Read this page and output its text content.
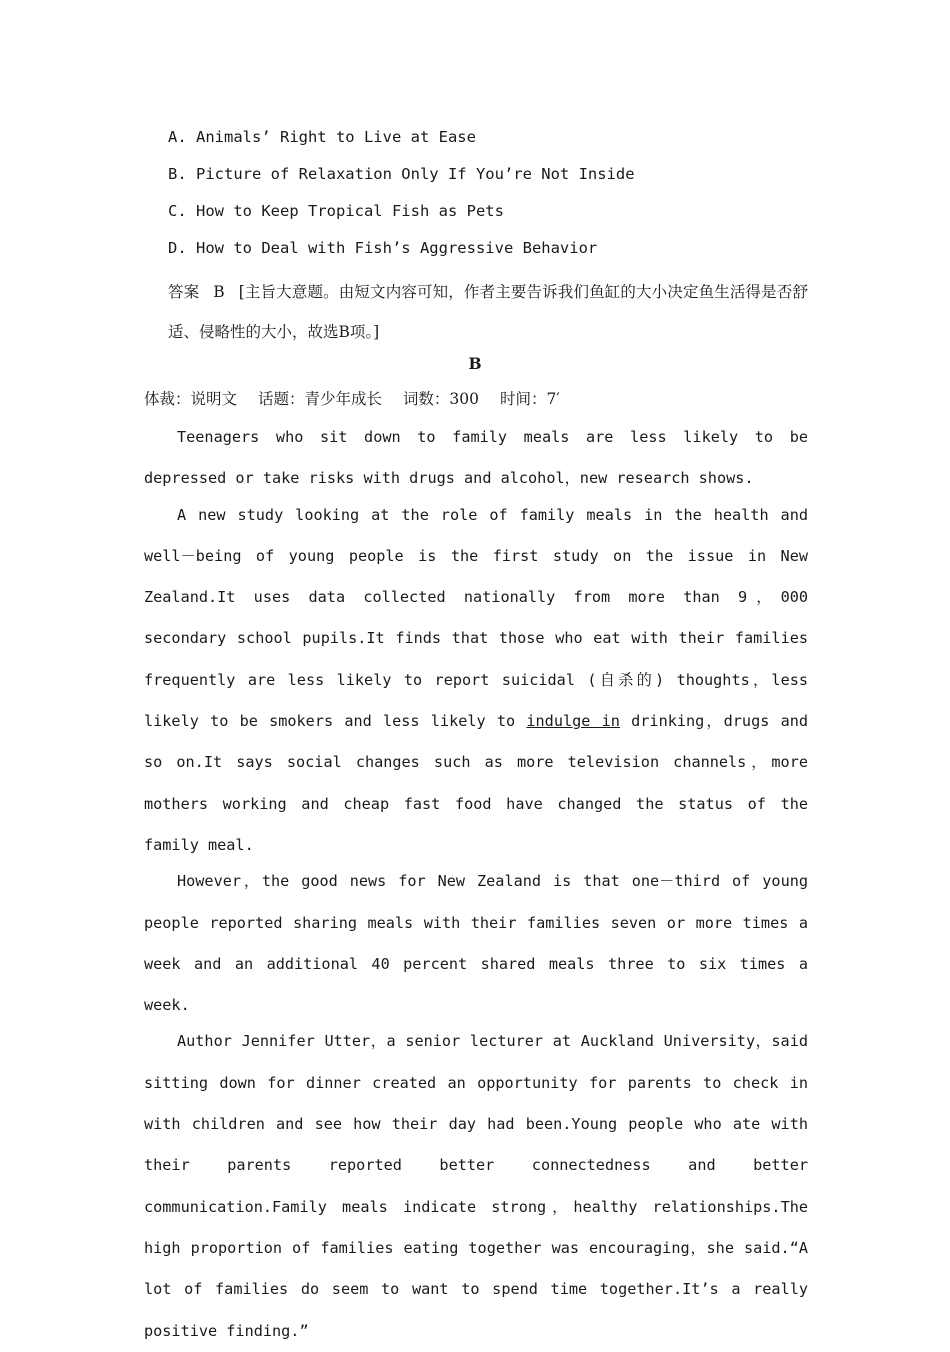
A. Animals’ Right to Live at Ease
B. Picture of Relaxation Only If You’re Not Inside
C. How to Keep Tropical Fish as Pets
D. How to Deal with Fish’s Aggressive Behavior
答案 B [主旨大意题。由短文内容可知，作者主要告诉我们鱼缸的大小决定鱼生活得是否舒适、侵略性的大小，故选B项。]
B
体裁：说明文 话题：青少年成长 词数：300 时间：7′

Teenagers who sit down to family meals are less likely to be depressed or take risks with drugs and alcohol，new research shows.

A new study looking at the role of family meals in the health and well－being of young people is the first study on the issue in New Zealand.It uses data collected nationally from more than 9，000 secondary school pupils.It finds that those who eat with their families frequently are less likely to report suicidal (自杀的) thoughts，less likely to be smokers and less likely to indulge in drinking，drugs and so on.It says social changes such as more television channels，more mothers working and cheap fast food have changed the status of the family meal.

However，the good news for New Zealand is that one－third of young people reported sharing meals with their families seven or more times a week and an additional 40 percent shared meals three to six times a week.

Author Jennifer Utter，a senior lecturer at Auckland University，said sitting down for dinner created an opportunity for parents to check in with children and see how their day had been.Young people who ate with their parents reported better connectedness and better communication.Family meals indicate strong，healthy relationships.The high proportion of families eating together was encouraging，she said.“A lot of families do seem to want to spend time together.It’s a really positive finding.”
